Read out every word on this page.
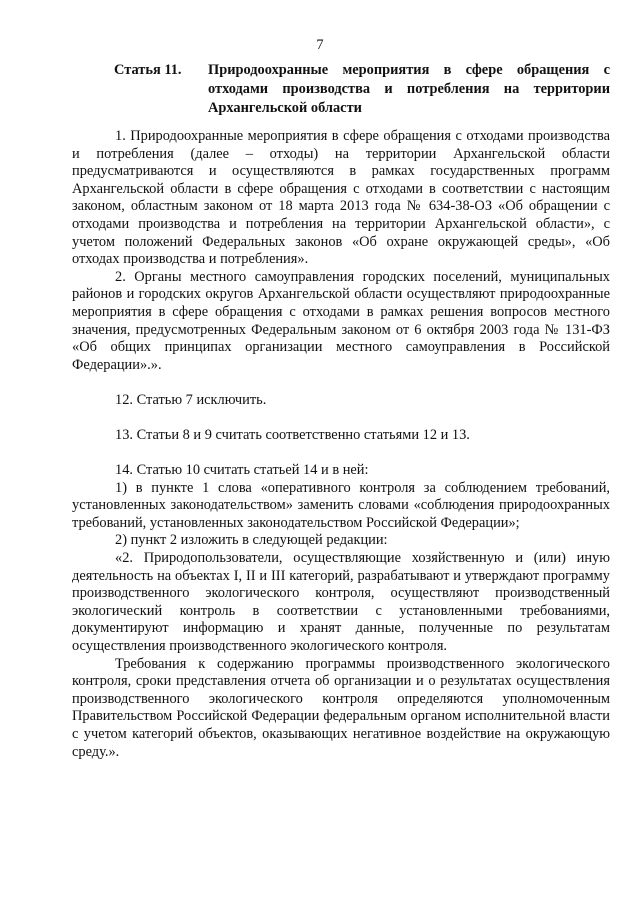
7
Статья 11.	Природоохранные мероприятия в сфере обращения с отходами производства и потребления на территории Архангельской области

1. Природоохранные мероприятия в сфере обращения с отходами производства и потребления (далее – отходы) на территории Архангельской области предусматриваются и осуществляются в рамках государственных программ Архангельской области в сфере обращения с отходами в соответствии с настоящим законом, областным законом от 18 марта 2013 года № 634-38-ОЗ «Об обращении с отходами производства и потребления на территории Архангельской области», с учетом положений Федеральных законов «Об охране окружающей среды», «Об отходах производства и потребления».

2. Органы местного самоуправления городских поселений, муниципальных районов и городских округов Архангельской области осуществляют природоохранные мероприятия в сфере обращения с отходами в рамках решения вопросов местного значения, предусмотренных Федеральным законом от 6 октября 2003 года № 131-ФЗ «Об общих принципах организации местного самоуправления в Российской Федерации».».

12. Статью 7 исключить.

13. Статьи 8 и 9 считать соответственно статьями 12 и 13.

14. Статью 10 считать статьей 14 и в ней:

1) в пункте 1 слова «оперативного контроля за соблюдением требований, установленных законодательством» заменить словами «соблюдения природоохранных требований, установленных законодательством Российской Федерации»;

2) пункт 2 изложить в следующей редакции:

«2. Природопользователи, осуществляющие хозяйственную и (или) иную деятельность на объектах I, II и III категорий, разрабатывают и утверждают программу производственного экологического контроля, осуществляют производственный экологический контроль в соответствии с установленными требованиями, документируют информацию и хранят данные, полученные по результатам осуществления производственного экологического контроля.

Требования к содержанию программы производственного экологического контроля, сроки представления отчета об организации и о результатах осуществления производственного экологического контроля определяются уполномоченным Правительством Российской Федерации федеральным органом исполнительной власти с учетом категорий объектов, оказывающих негативное воздействие на окружающую среду.».
